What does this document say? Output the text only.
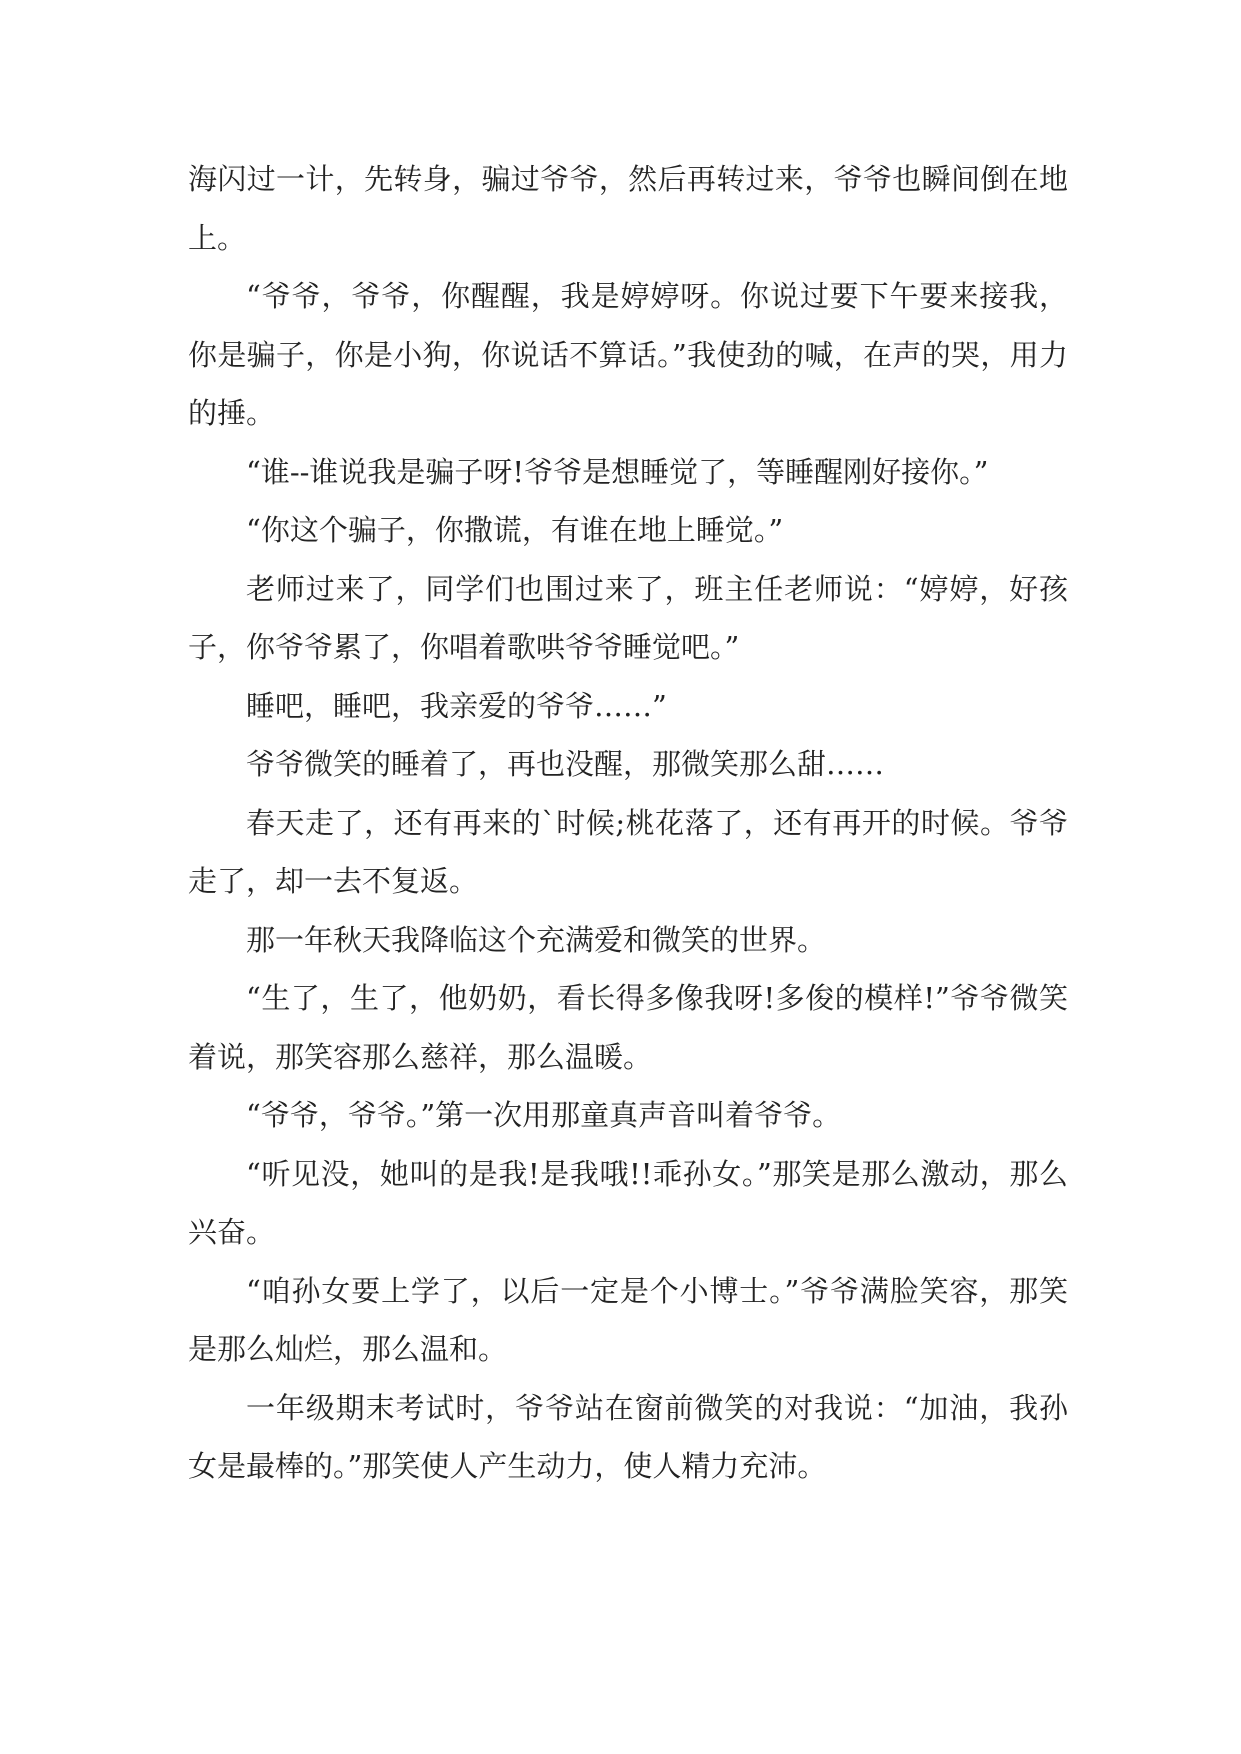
海闪过一计，先转身，骗过爷爷，然后再转过来，爷爷也瞬间倒在地上。

“爷爷，爷爷，你醒醒，我是婷婷呀。你说过要下午要来接我，你是骗子，你是小狗，你说话不算话。”我使劲的喊，在声的哭，用力的捶。

“谁--谁说我是骗子呀!爷爷是想睡觉了，等睡醒刚好接你。”

“你这个骗子，你撒谎，有谁在地上睡觉。”

老师过来了，同学们也围过来了，班主任老师说：“婷婷，好孩子，你爷爷累了，你唱着歌哄爷爷睡觉吧。”

睡吧，睡吧，我亲爱的爷爷……”

爷爷微笑的睡着了，再也没醒，那微笑那么甜……

春天走了，还有再来的`时候;桃花落了，还有再开的时候。爷爷走了，却一去不复返。

那一年秋天我降临这个充满爱和微笑的世界。

“生了，生了，他奶奶，看长得多像我呀!多俊的模样!”爷爷微笑着说，那笑容那么慈祥，那么温暖。

“爷爷，爷爷。”第一次用那童真声音叫着爷爷。

“听见没，她叫的是我!是我哦!!乖孙女。”那笑是那么激动，那么兴奋。

“咱孙女要上学了，以后一定是个小博士。”爷爷满脸笑容，那笑是那么灿烂，那么温和。

一年级期末考试时，爷爷站在窗前微笑的对我说：“加油，我孙女是最棒的。”那笑使人产生动力，使人精力充沛。
